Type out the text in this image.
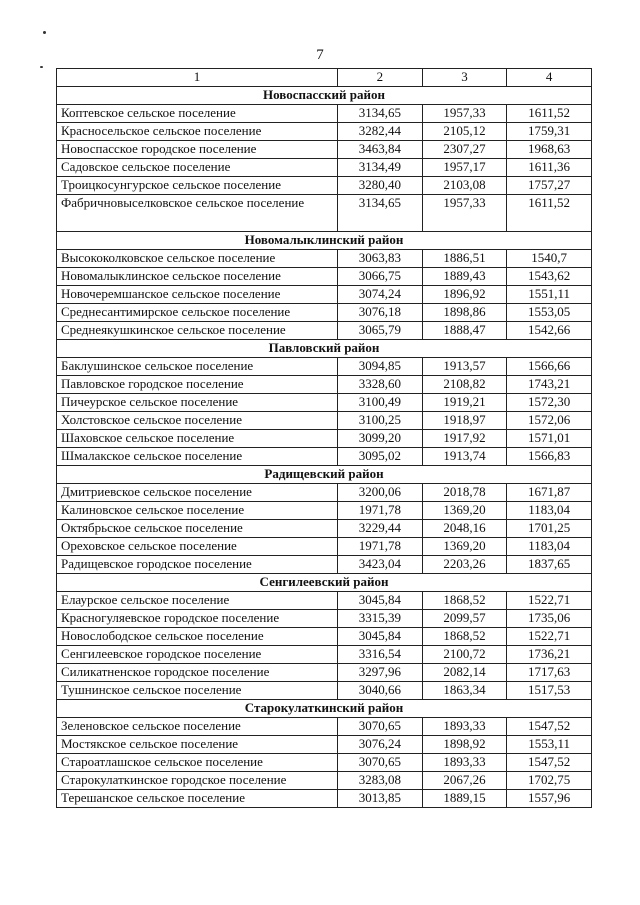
7
1	2	3	4
Новоспасский район			
Коптевское сельское поселение	3134,65	1957,33	1611,52
Красносельское сельское поселение	3282,44	2105,12	1759,31
Новоспасское городское поселение	3463,84	2307,27	1968,63
Садовское сельское поселение	3134,49	1957,17	1611,36
Троицкосунгурское сельское поселение	3280,40	2103,08	1757,27
Фабричновыселковское сельское поселение	3134,65	1957,33	1611,52
Новомалыклинский район			
Высококолковское сельское поселение	3063,83	1886,51	1540,7
Новомалыклинское сельское поселение	3066,75	1889,43	1543,62
Новочеремшанское сельское поселение	3074,24	1896,92	1551,11
Среднесантимирское сельское поселение	3076,18	1898,86	1553,05
Среднеякушкинское сельское поселение	3065,79	1888,47	1542,66
Павловский район			
Баклушинское сельское поселение	3094,85	1913,57	1566,66
Павловское городское поселение	3328,60	2108,82	1743,21
Пичеурское сельское поселение	3100,49	1919,21	1572,30
Холстовское сельское поселение	3100,25	1918,97	1572,06
Шаховское сельское поселение	3099,20	1917,92	1571,01
Шмалакское сельское поселение	3095,02	1913,74	1566,83
Радищевский район			
Дмитриевское сельское поселение	3200,06	2018,78	1671,87
Калиновское сельское поселение	1971,78	1369,20	1183,04
Октябрьское сельское поселение	3229,44	2048,16	1701,25
Ореховское сельское поселение	1971,78	1369,20	1183,04
Радищевское городское поселение	3423,04	2203,26	1837,65
Сенгилеевский район			
Елаурское сельское поселение	3045,84	1868,52	1522,71
Красногуляевское городское поселение	3315,39	2099,57	1735,06
Новослободское сельское поселение	3045,84	1868,52	1522,71
Сенгилеевское городское поселение	3316,54	2100,72	1736,21
Силикатненское городское поселение	3297,96	2082,14	1717,63
Тушнинское сельское поселение	3040,66	1863,34	1517,53
Старокулаткинский район			
Зеленовское сельское поселение	3070,65	1893,33	1547,52
Мостякское сельское поселение	3076,24	1898,92	1553,11
Староатлашское сельское поселение	3070,65	1893,33	1547,52
Старокулаткинское городское поселение	3283,08	2067,26	1702,75
Терешанское сельское поселение	3013,85	1889,15	1557,96
